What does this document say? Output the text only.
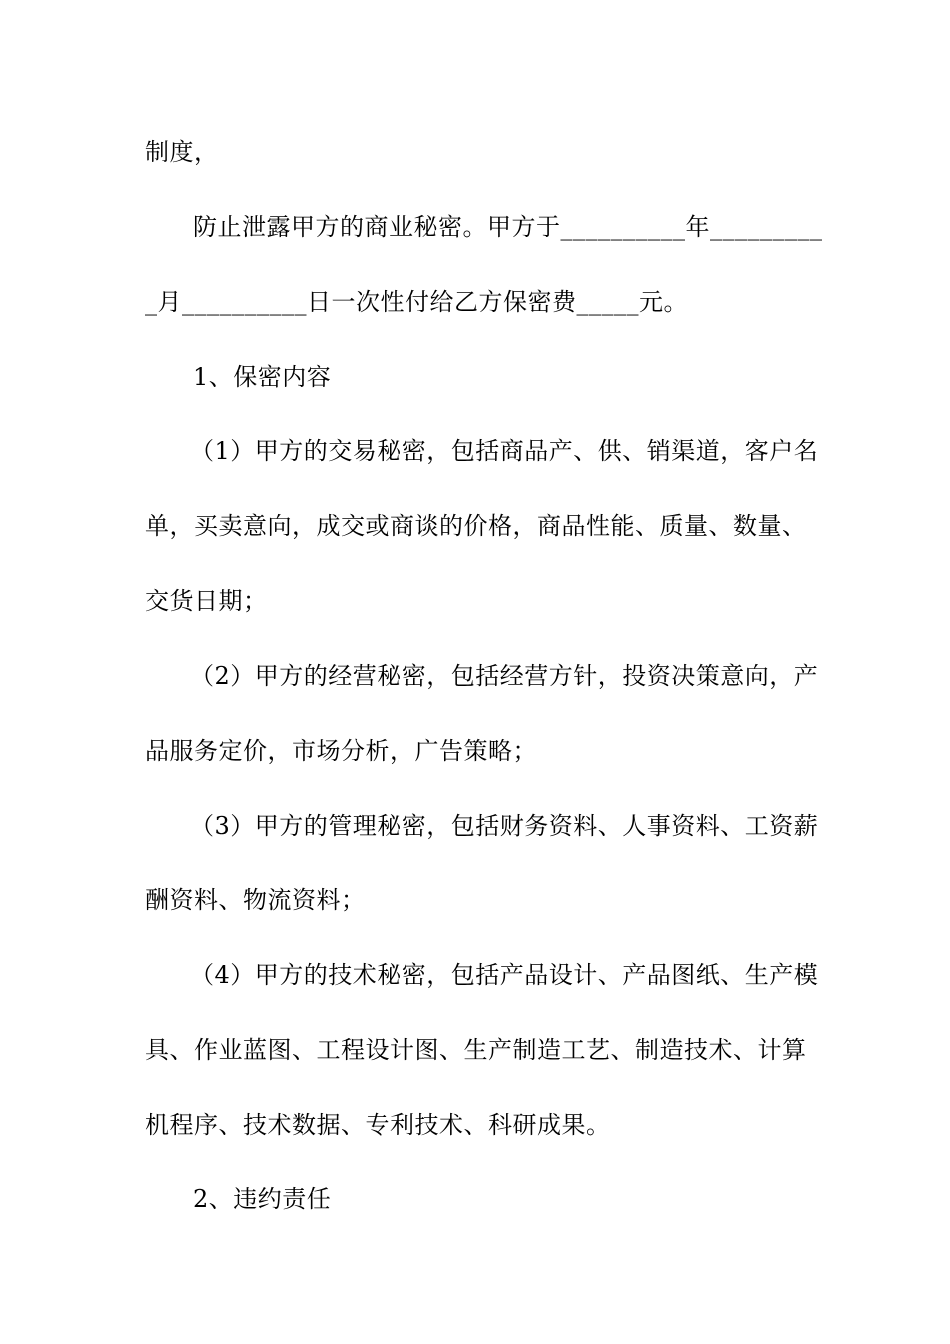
制度，
防止泄露甲方的商业秘密。甲方于__________年_________
_月__________日一次性付给乙方保密费_____元。
1、保密内容
（1）甲方的交易秘密，包括商品产、供、销渠道，客户名
单，买卖意向，成交或商谈的价格，商品性能、质量、数量、
交货日期；
（2）甲方的经营秘密，包括经营方针，投资决策意向，产
品服务定价，市场分析，广告策略；
（3）甲方的管理秘密，包括财务资料、人事资料、工资薪
酬资料、物流资料；
（4）甲方的技术秘密，包括产品设计、产品图纸、生产模
具、作业蓝图、工程设计图、生产制造工艺、制造技术、计算
机程序、技术数据、专利技术、科研成果。
2、违约责任
